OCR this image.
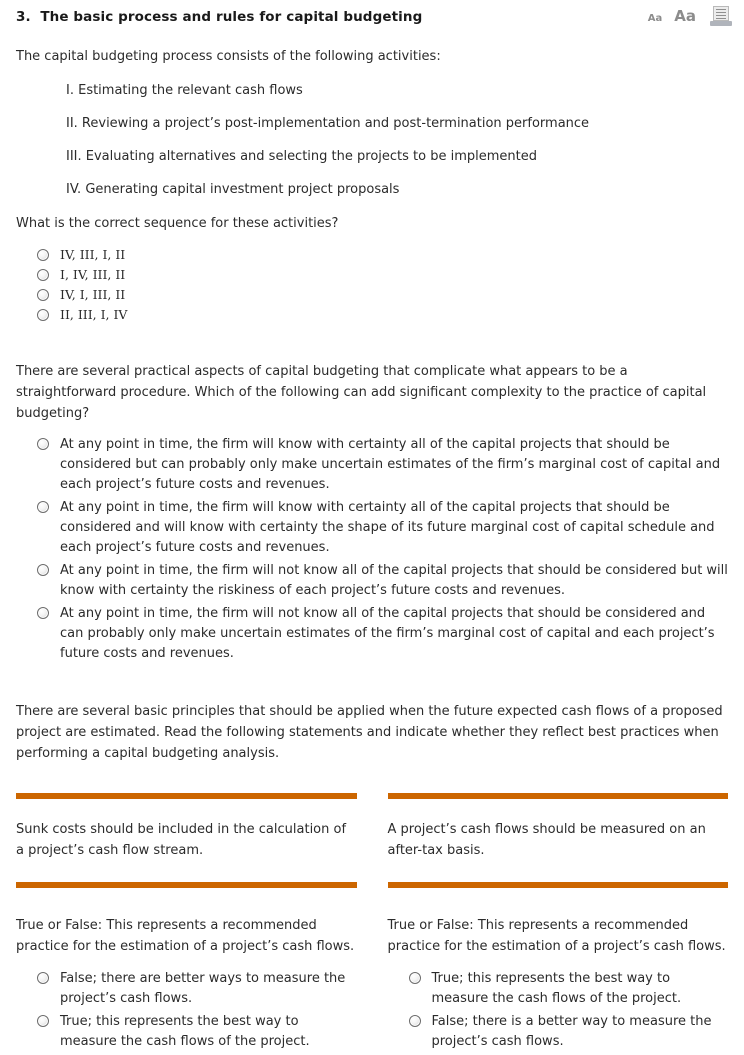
3.  The basic process and rules for capital budgeting	Aa Aa

The capital budgeting process consists of the following activities:

I. Estimating the relevant cash flows
II. Reviewing a project’s post-implementation and post-termination performance
III. Evaluating alternatives and selecting the projects to be implemented
IV. Generating capital investment project proposals

What is the correct sequence for these activities?

IV, III, I, II
I, IV, III, II
IV, I, III, II
II, III, I, IV

There are several practical aspects of capital budgeting that complicate what appears to be a straightforward procedure. Which of the following can add significant complexity to the practice of capital budgeting?

At any point in time, the firm will know with certainty all of the capital projects that should be considered but can probably only make uncertain estimates of the firm’s marginal cost of capital and each project’s future costs and revenues.
At any point in time, the firm will know with certainty all of the capital projects that should be considered and will know with certainty the shape of its future marginal cost of capital schedule and each project’s future costs and revenues.
At any point in time, the firm will not know all of the capital projects that should be considered but will know with certainty the riskiness of each project’s future costs and revenues.
At any point in time, the firm will not know all of the capital projects that should be considered and can probably only make uncertain estimates of the firm’s marginal cost of capital and each project’s future costs and revenues.

There are several basic principles that should be applied when the future expected cash flows of a proposed project are estimated. Read the following statements and indicate whether they reflect best practices when performing a capital budgeting analysis.

Sunk costs should be included in the calculation of a project’s cash flow stream.
A project’s cash flows should be measured on an after-tax basis.
True or False: This represents a recommended practice for the estimation of a project’s cash flows.
False; there are better ways to measure the project’s cash flows.
True; this represents the best way to measure the cash flows of the project.
True or False: This represents a recommended practice for the estimation of a project’s cash flows.
True; this represents the best way to measure the cash flows of the project.
False; there is a better way to measure the project’s cash flows.
